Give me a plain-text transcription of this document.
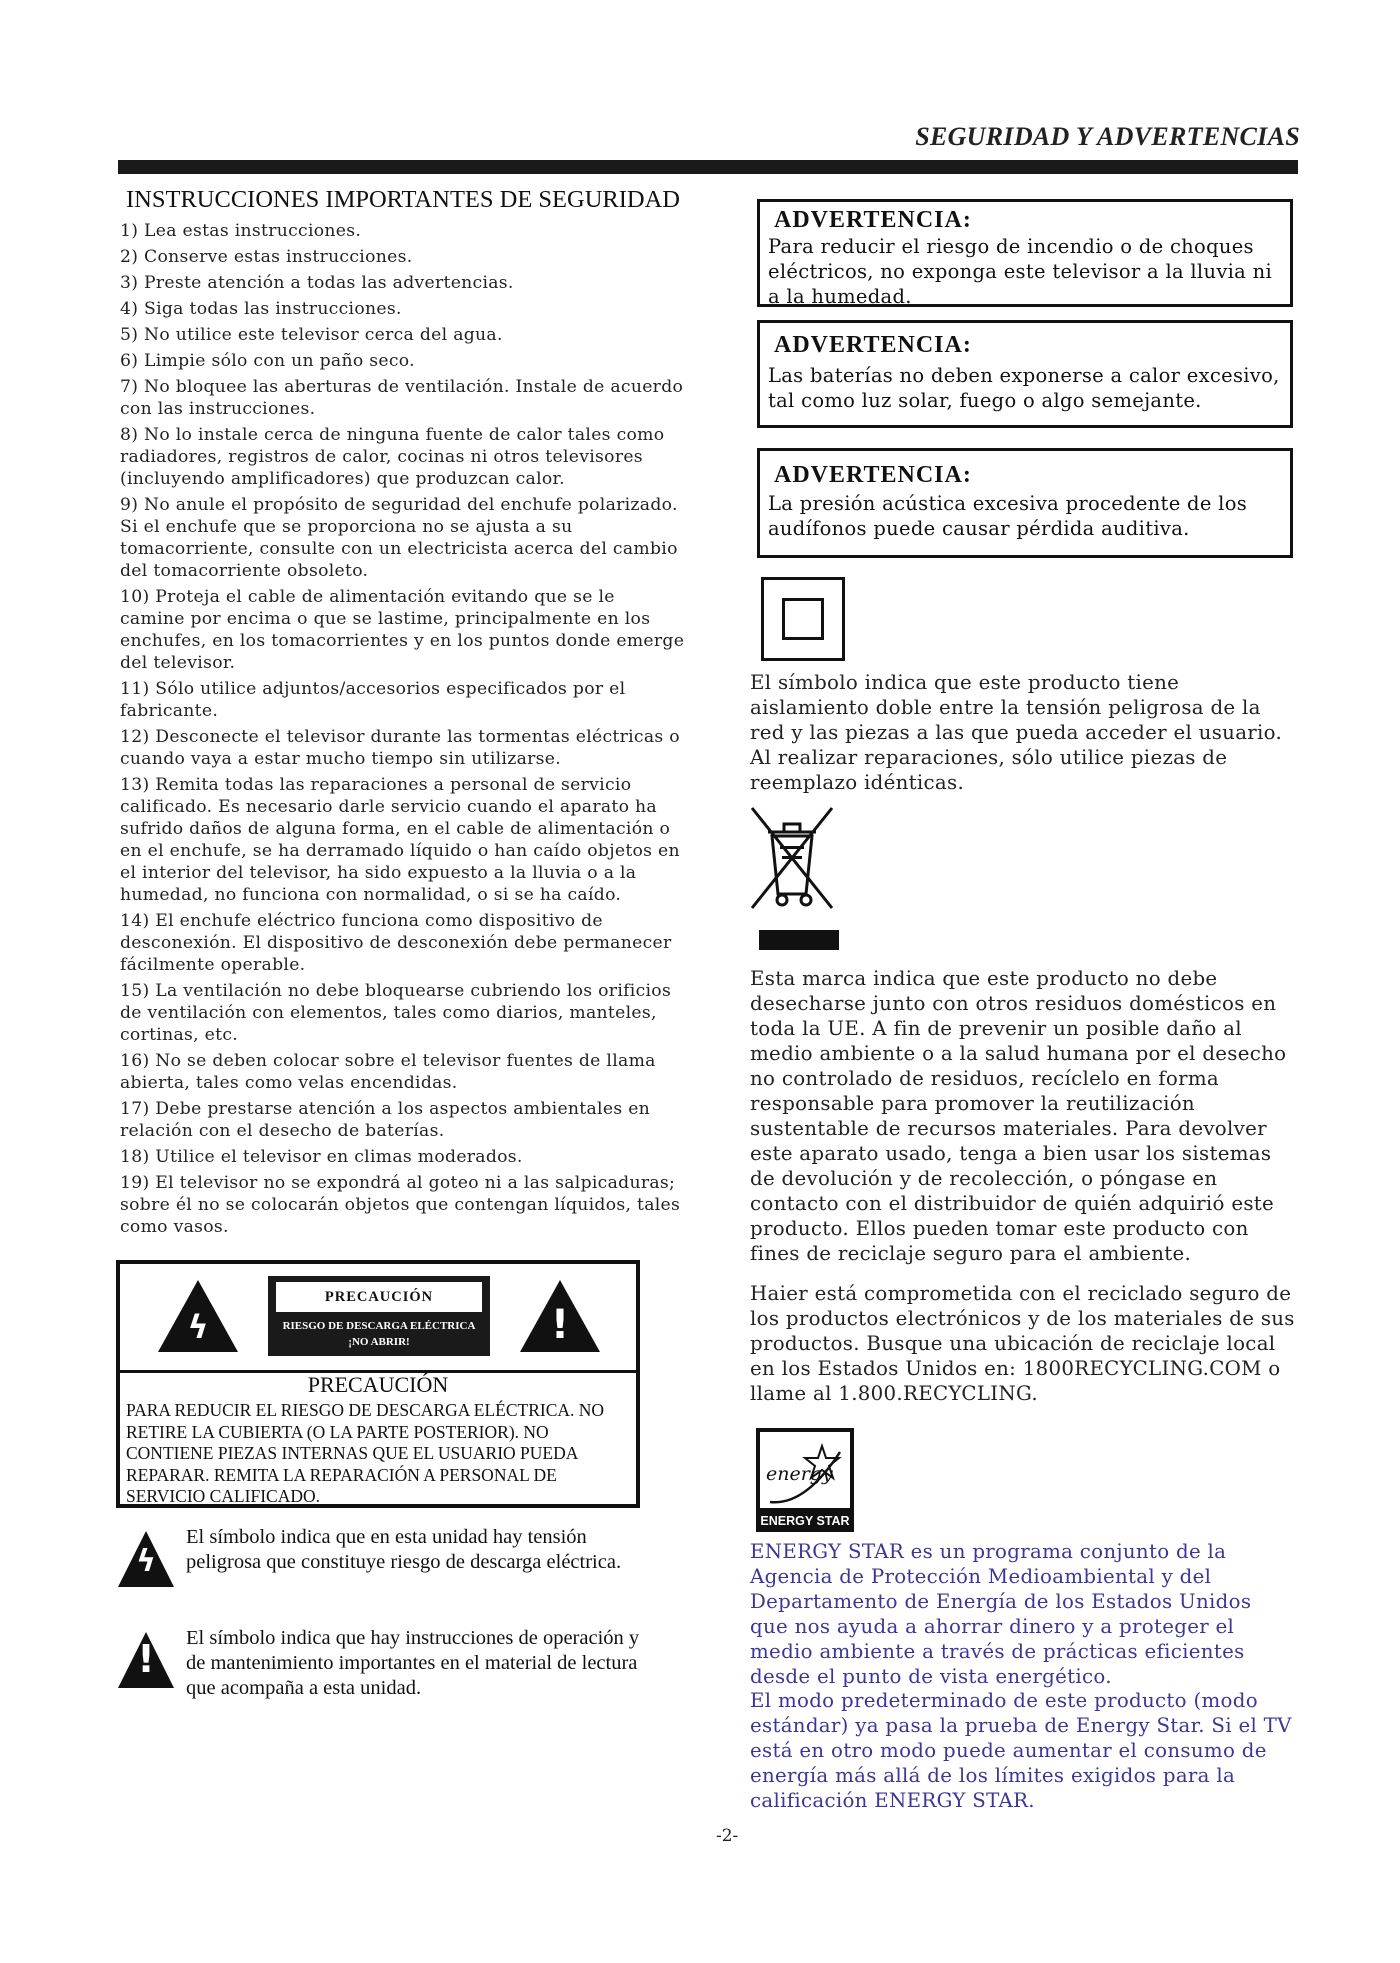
SEGURIDAD Y ADVERTENCIAS
INSTRUCCIONES IMPORTANTES DE SEGURIDAD
1) Lea estas instrucciones.
2) Conserve estas instrucciones.
3) Preste atención a todas las advertencias.
4) Siga todas las instrucciones.
5) No utilice este televisor cerca del agua.
6) Limpie sólo con un paño seco.
7) No bloquee las aberturas de ventilación. Instale de acuerdo con las instrucciones.
8) No lo instale cerca de ninguna fuente de calor tales como radiadores, registros de calor, cocinas ni otros televisores (incluyendo amplificadores) que produzcan calor.
9) No anule el propósito de seguridad del enchufe polarizado. Si el enchufe que se proporciona no se ajusta a su tomacorriente, consulte con un electricista acerca del cambio del tomacorriente obsoleto.
10) Proteja el cable de alimentación evitando que se le camine por encima o que se lastime, principalmente en los enchufes, en los tomacorrientes y en los puntos donde emerge del televisor.
11) Sólo utilice adjuntos/accesorios especificados por el fabricante.
12) Desconecte el televisor durante las tormentas eléctricas o cuando vaya a estar mucho tiempo sin utilizarse.
13) Remita todas las reparaciones a personal de servicio calificado. Es necesario darle servicio cuando el aparato ha sufrido daños de alguna forma, en el cable de alimentación o en el enchufe, se ha derramado líquido o han caído objetos en el interior del televisor, ha sido expuesto a la lluvia o a la humedad, no funciona con normalidad, o si se ha caído.
14) El enchufe eléctrico funciona como dispositivo de desconexión. El dispositivo de desconexión debe permanecer fácilmente operable.
15) La ventilación no debe bloquearse cubriendo los orificios de ventilación con elementos, tales como diarios, manteles, cortinas, etc.
16) No se deben colocar sobre el televisor fuentes de llama abierta, tales como velas encendidas.
17) Debe prestarse atención a los aspectos ambientales en relación con el desecho de baterías.
18) Utilice el televisor en climas moderados.
19) El televisor no se expondrá al goteo ni a las salpicaduras; sobre él no se colocarán objetos que contengan líquidos, tales como vasos.
ϟ
PRECAUCIÓN
RIESGO DE DESCARGA ELÉCTRICA
¡NO ABRIR!	!
PRECAUCIÓN
PARA REDUCIR EL RIESGO DE DESCARGA ELÉCTRICA. NO RETIRE LA CUBIERTA (O LA PARTE POSTERIOR). NO CONTIENE PIEZAS INTERNAS QUE EL USUARIO PUEDA REPARAR. REMITA LA REPARACIÓN A PERSONAL DE SERVICIO CALIFICADO.
ϟ
El símbolo indica que en esta unidad hay tensión peligrosa que constituye riesgo de descarga eléctrica.
! El símbolo indica que hay instrucciones de operación y de mantenimiento importantes en el material de lectura que acompaña a esta unidad.
ADVERTENCIA:
Para reducir el riesgo de incendio o de choques eléctricos, no exponga este televisor a la lluvia ni a la humedad.
ADVERTENCIA:
Las baterías no deben exponerse a calor excesivo, tal como luz solar, fuego o algo semejante.
ADVERTENCIA:
La presión acústica excesiva procedente de los audífonos puede causar pérdida auditiva.
El símbolo indica que este producto tiene aislamiento doble entre la tensión peligrosa de la red y las piezas a las que pueda acceder el usuario. Al realizar reparaciones, sólo utilice piezas de reemplazo idénticas.
Esta marca indica que este producto no debe desecharse junto con otros residuos domésticos en toda la UE. A fin de prevenir un posible daño al medio ambiente o a la salud humana por el desecho no controlado de residuos, recíclelo en forma responsable para promover la reutilización sustentable de recursos materiales. Para devolver este aparato usado, tenga a bien usar los sistemas de devolución y de recolección, o póngase en contacto con el distribuidor de quién adquirió este producto. Ellos pueden tomar este producto con fines de reciclaje seguro para el ambiente.
Haier está comprometida con el reciclado seguro de los productos electrónicos y de los materiales de sus productos. Busque una ubicación de reciclaje local en los Estados Unidos en: 1800RECYCLING.COM o llame al 1.800.RECYCLING.
energy
ENERGY STAR
ENERGY STAR es un programa conjunto de la Agencia de Protección Medioambiental y del Departamento de Energía de los Estados Unidos que nos ayuda a ahorrar dinero y a proteger el medio ambiente a través de prácticas eficientes desde el punto de vista energético.
El modo predeterminado de este producto (modo estándar) ya pasa la prueba de Energy Star. Si el TV está en otro modo puede aumentar el consumo de energía más allá de los límites exigidos para la calificación ENERGY STAR.
-2-
